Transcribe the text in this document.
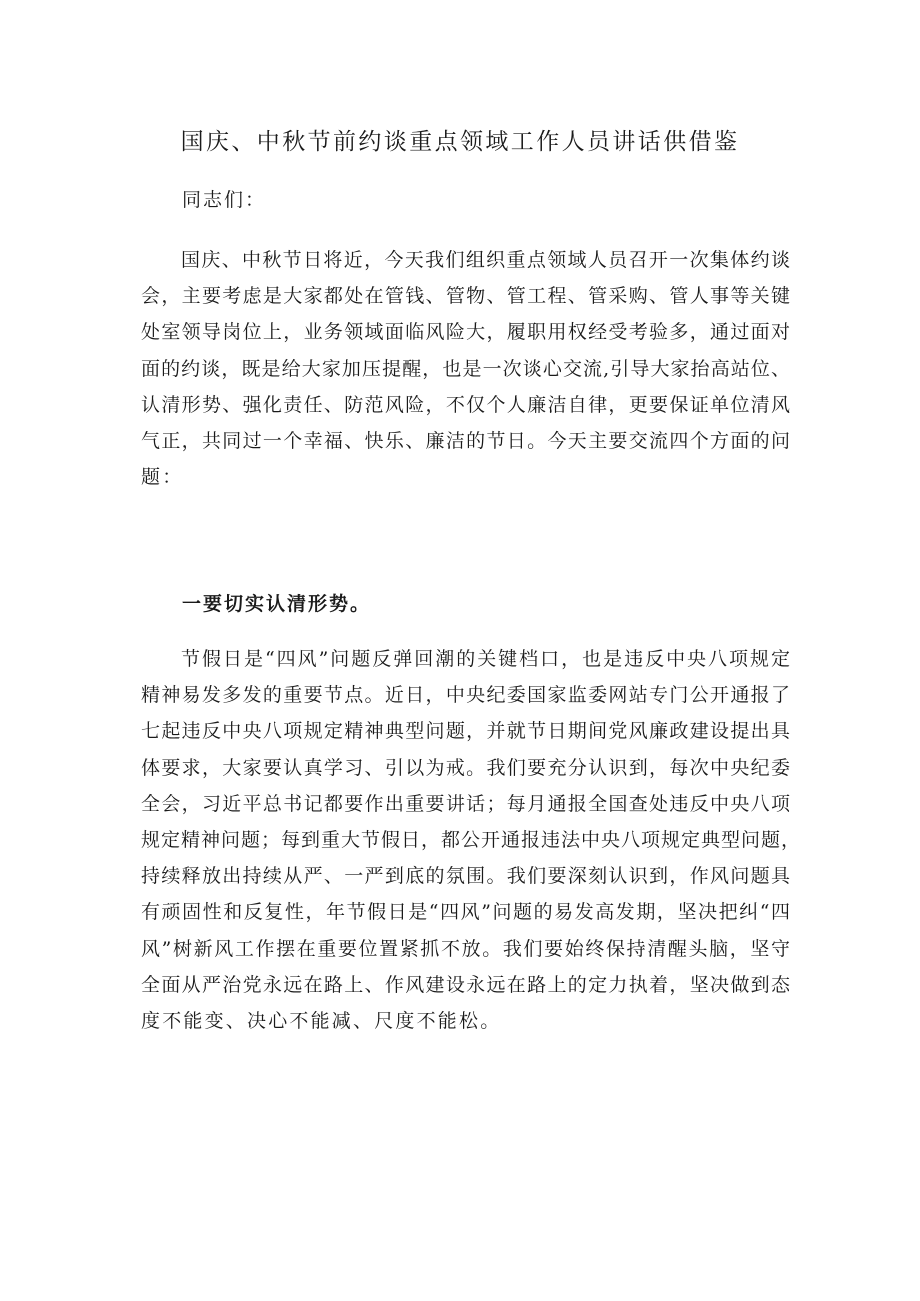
国庆、中秋节前约谈重点领域工作人员讲话供借鉴
同志们：
国庆、中秋节日将近，今天我们组织重点领域人员召开一次集体约谈
会，主要考虑是大家都处在管钱、管物、管工程、管采购、管人事等关键
处室领导岗位上，业务领域面临风险大，履职用权经受考验多，通过面对
面的约谈，既是给大家加压提醒，也是一次谈心交流,引导大家抬高站位、
认清形势、强化责任、防范风险，不仅个人廉洁自律，更要保证单位清风
气正，共同过一个幸福、快乐、廉洁的节日。今天主要交流四个方面的问
题：
一要切实认清形势。
节假日是“四风”问题反弹回潮的关键档口，也是违反中央八项规定
精神易发多发的重要节点。近日，中央纪委国家监委网站专门公开通报了
七起违反中央八项规定精神典型问题，并就节日期间党风廉政建设提出具
体要求，大家要认真学习、引以为戒。我们要充分认识到，每次中央纪委
全会，习近平总书记都要作出重要讲话；每月通报全国查处违反中央八项
规定精神问题；每到重大节假日，都公开通报违法中央八项规定典型问题，
持续释放出持续从严、一严到底的氛围。我们要深刻认识到，作风问题具
有顽固性和反复性，年节假日是“四风”问题的易发高发期，坚决把纠“四
风”树新风工作摆在重要位置紧抓不放。我们要始终保持清醒头脑，坚守
全面从严治党永远在路上、作风建设永远在路上的定力执着，坚决做到态
度不能变、决心不能减、尺度不能松。
